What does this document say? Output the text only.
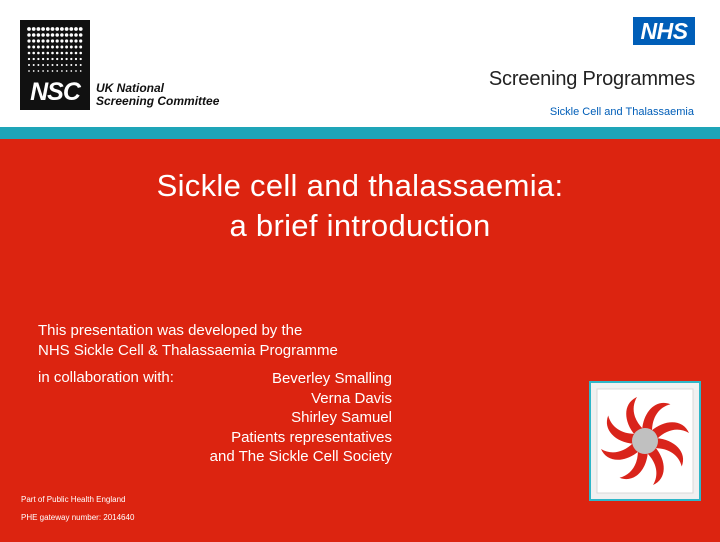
NSC	UK National
Screening Committee
NHS
Screening Programmes
Sickle Cell and Thalassaemia
Sickle cell and thalassaemia:
a brief introduction
This presentation was developed by the
NHS Sickle Cell & Thalassaemia Programme
in collaboration with:	Beverley Smalling
Verna Davis
Shirley Samuel
Patients representatives
and The Sickle Cell Society
Part of Public Health England
PHE gateway number: 2014640
